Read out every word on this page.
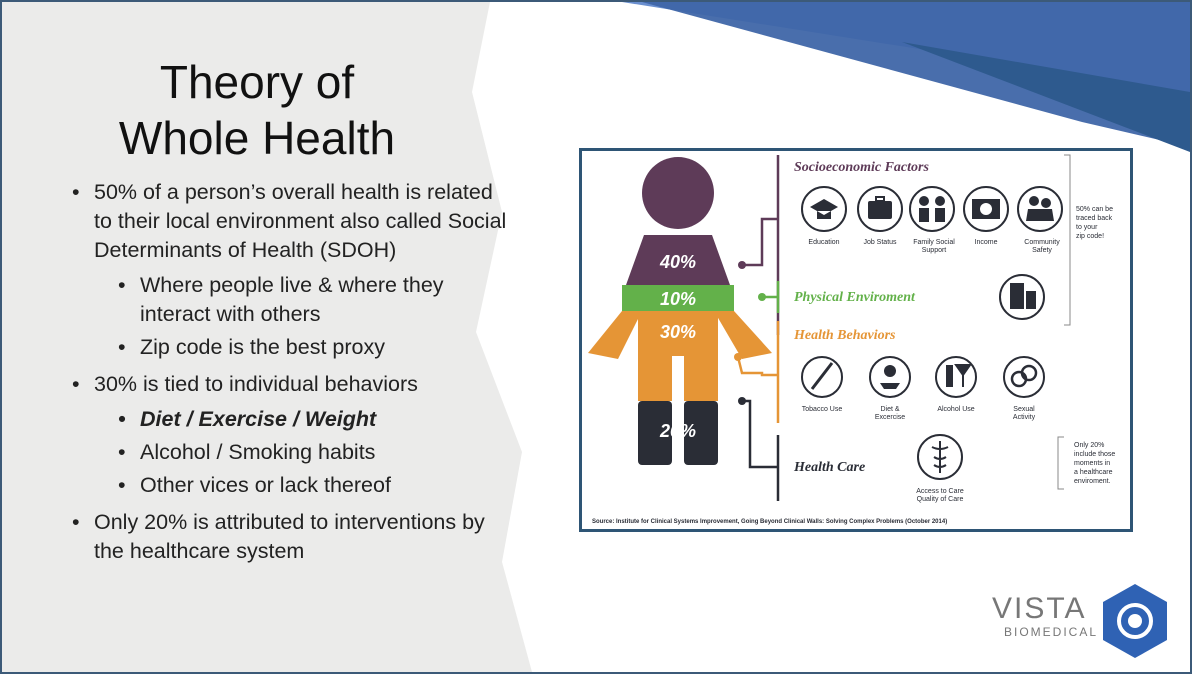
Theory of
Whole Health
• 50% of a person’s overall health is related to their local environment also called Social Determinants of Health (SDOH)
• Where people live & where they interact with others
• Zip code is the best proxy
• 30% is tied to individual behaviors
• Diet / Exercise / Weight
• Alcohol / Smoking habits
• Other vices or lack thereof
• Only 20% is attributed to interventions by the healthcare system
40%
10%
30%
20%
Socioeconomic Factors
Physical Enviroment
Health Behaviors
Health Care
Education	Job Status Family Social
Support
Income	Community
Safety
50% can be
traced back
to your
zip code!
Tobacco Use	Diet &
Excercise
Alcohol Use	Sexual
Activity
Access to Care
Quality of Care
Only 20%
include those
moments in
a healthcare
enviroment.
Source: Institute for Clinical Systems Improvement, Going Beyond Clinical Walls: Solving Complex Problems (October 2014)
VISTA
BIOMEDICAL
